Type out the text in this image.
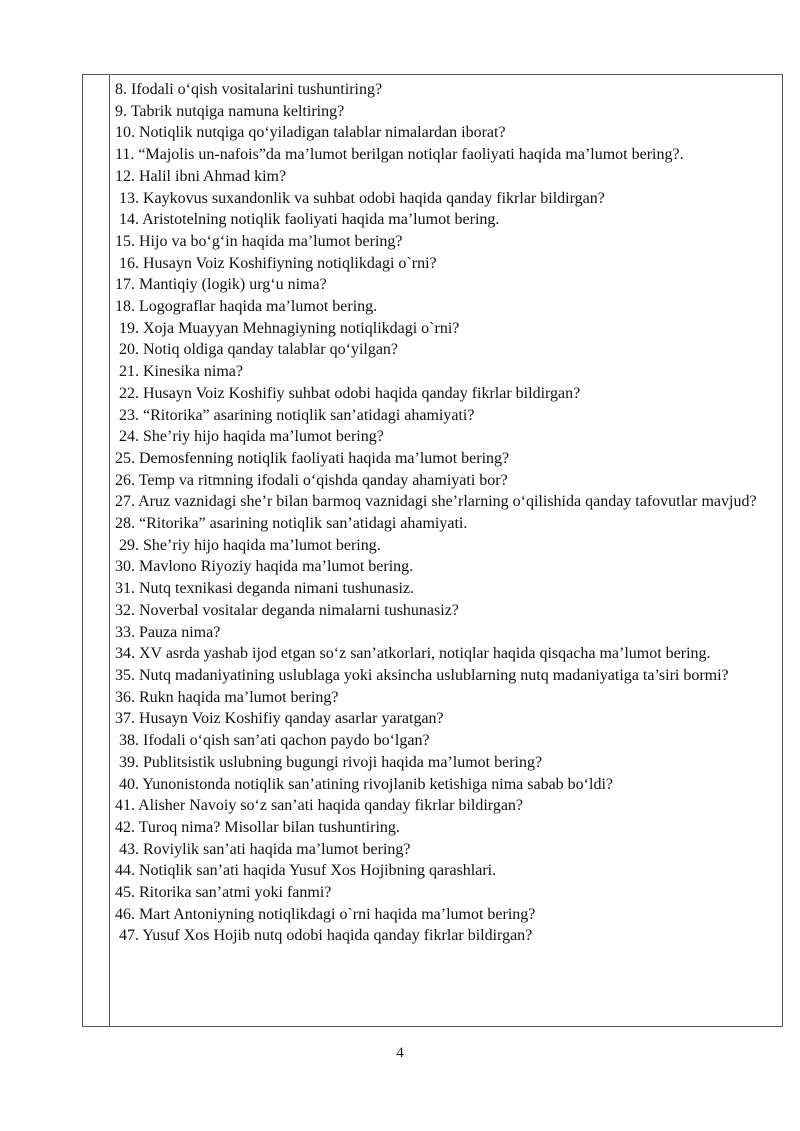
8. Ifodali o‘qish vositalarini tushuntiring?

9. Tabrik nutqiga namuna keltiring?

10. Notiqlik nutqiga qo‘yiladigan talablar nimalardan iborat?

11. “Majolis un-nafois”da ma’lumot berilgan notiqlar faoliyati haqida ma’lumot bering?.

12. Halil ibni Ahmad kim?

13. Kaykovus suxandonlik va suhbat odobi haqida qanday fikrlar bildirgan?

14. Aristotelning notiqlik faoliyati haqida ma’lumot bering.

15. Hijo va bo‘g‘in haqida ma’lumot bering?

16. Husayn Voiz Koshifiyning notiqlikdagi o`rni?

17. Mantiqiy (logik) urg‘u nima?

18. Logograflar haqida ma’lumot bering.

19. Xoja Muayyan Mehnagiyning notiqlikdagi o`rni?

20. Notiq oldiga qanday talablar qo‘yilgan?

21. Kinesika nima?

22. Husayn Voiz Koshifiy suhbat odobi haqida qanday fikrlar bildirgan?

23. “Ritorika” asarining notiqlik san’atidagi ahamiyati?

24. She’riy hijo haqida ma’lumot bering?

25. Demosfenning notiqlik faoliyati haqida ma’lumot bering?

26. Temp va ritmning ifodali o‘qishda qanday ahamiyati bor?

27. Aruz vaznidagi she’r bilan barmoq vaznidagi she’rlarning o‘qilishida qanday tafovutlar mavjud?

28. “Ritorika” asarining notiqlik san’atidagi ahamiyati.

29. She’riy hijo haqida ma’lumot bering.

30. Mavlono Riyoziy haqida ma’lumot bering.

31. Nutq texnikasi deganda nimani tushunasiz.

32. Noverbal vositalar deganda nimalarni tushunasiz?

33. Pauza nima?

34. XV asrda yashab ijod etgan so‘z san’atkorlari, notiqlar haqida qisqacha ma’lumot bering.

35. Nutq madaniyatining uslublaga yoki aksincha uslublarning nutq madaniyatiga ta’siri bormi?

36. Rukn haqida ma’lumot bering?

37. Husayn Voiz Koshifiy qanday asarlar yaratgan?

38. Ifodali o‘qish san’ati qachon paydo bo‘lgan?

39. Publitsistik uslubning bugungi rivoji haqida ma’lumot bering?

40. Yunonistonda notiqlik san’atining rivojlanib ketishiga nima sabab bo‘ldi?

41. Alisher Navoiy so‘z san’ati haqida qanday fikrlar bildirgan?

42. Turoq nima? Misollar bilan tushuntiring.

43. Roviylik san’ati haqida ma’lumot bering?

44. Notiqlik san’ati haqida Yusuf Xos Hojibning qarashlari.

45. Ritorika san’atmi yoki fanmi?

46. Mart Antoniyning notiqlikdagi o`rni haqida ma’lumot bering?

47. Yusuf Xos Hojib nutq odobi haqida qanday fikrlar bildirgan?

4
